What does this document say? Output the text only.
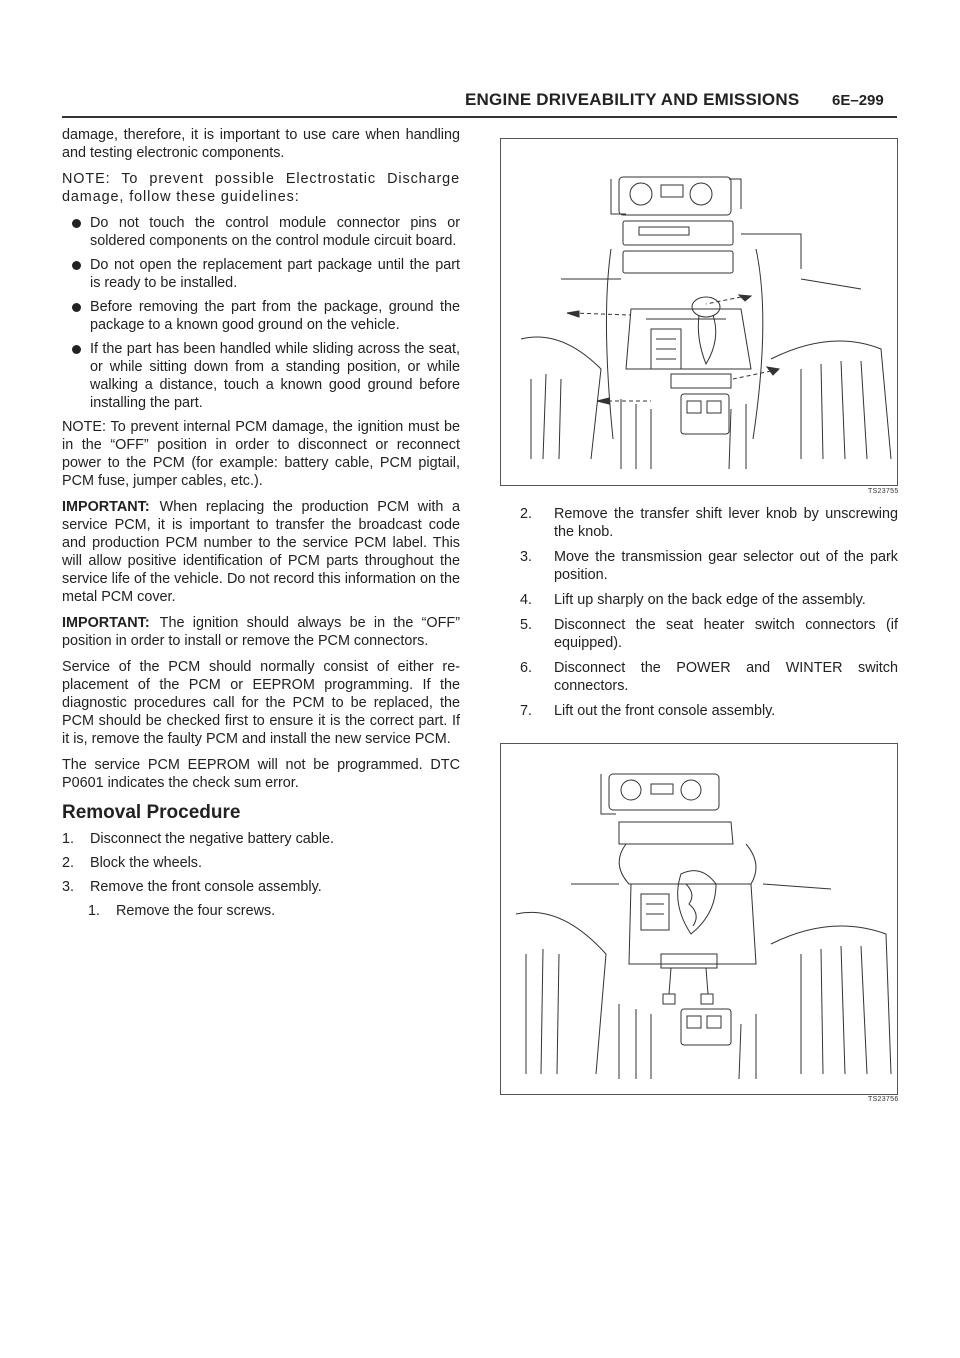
ENGINE DRIVEABILITY AND EMISSIONS 6E–299

damage, therefore, it is important to use care when handling and testing electronic components.

NOTE: To prevent possible Electrostatic Discharge damage, follow these guidelines:

Do not touch the control module connector pins or soldered components on the control module circuit board.
Do not open the replacement part package until the part is ready to be installed.
Before removing the part from the package, ground the package to a known good ground on the vehicle.
If the part has been handled while sliding across the seat, or while sitting down from a standing position, or while walking a distance, touch a known good ground before installing the part.

NOTE: To prevent internal PCM damage, the ignition must be in the “OFF” position in order to disconnect or reconnect power to the PCM (for example: battery cable, PCM pigtail, PCM fuse, jumper cables, etc.).

IMPORTANT: When replacing the production PCM with a service PCM, it is important to transfer the broadcast code and production PCM number to the service PCM label. This will allow positive identification of PCM parts throughout the service life of the vehicle. Do not record this information on the metal PCM cover.

IMPORTANT: The ignition should always be in the “OFF” position in order to install or remove the PCM connectors.

Service of the PCM should normally consist of either re-placement of the PCM or EEPROM programming. If the diagnostic procedures call for the PCM to be replaced, the PCM should be checked first to ensure it is the correct part. If it is, remove the faulty PCM and install the new service PCM.

The service PCM EEPROM will not be programmed. DTC P0601 indicates the check sum error.

Removal Procedure
1. Disconnect the negative battery cable.
2. Block the wheels.
3. Remove the front console assembly.
1. Remove the four screws.
TS23755
2. Remove the transfer shift lever knob by unscrewing the knob.
3. Move the transmission gear selector out of the park position.
4. Lift up sharply on the back edge of the assembly.
5. Disconnect the seat heater switch connectors (if equipped).
6. Disconnect the POWER and WINTER switch connectors.
7. Lift out the front console assembly.
TS23756
